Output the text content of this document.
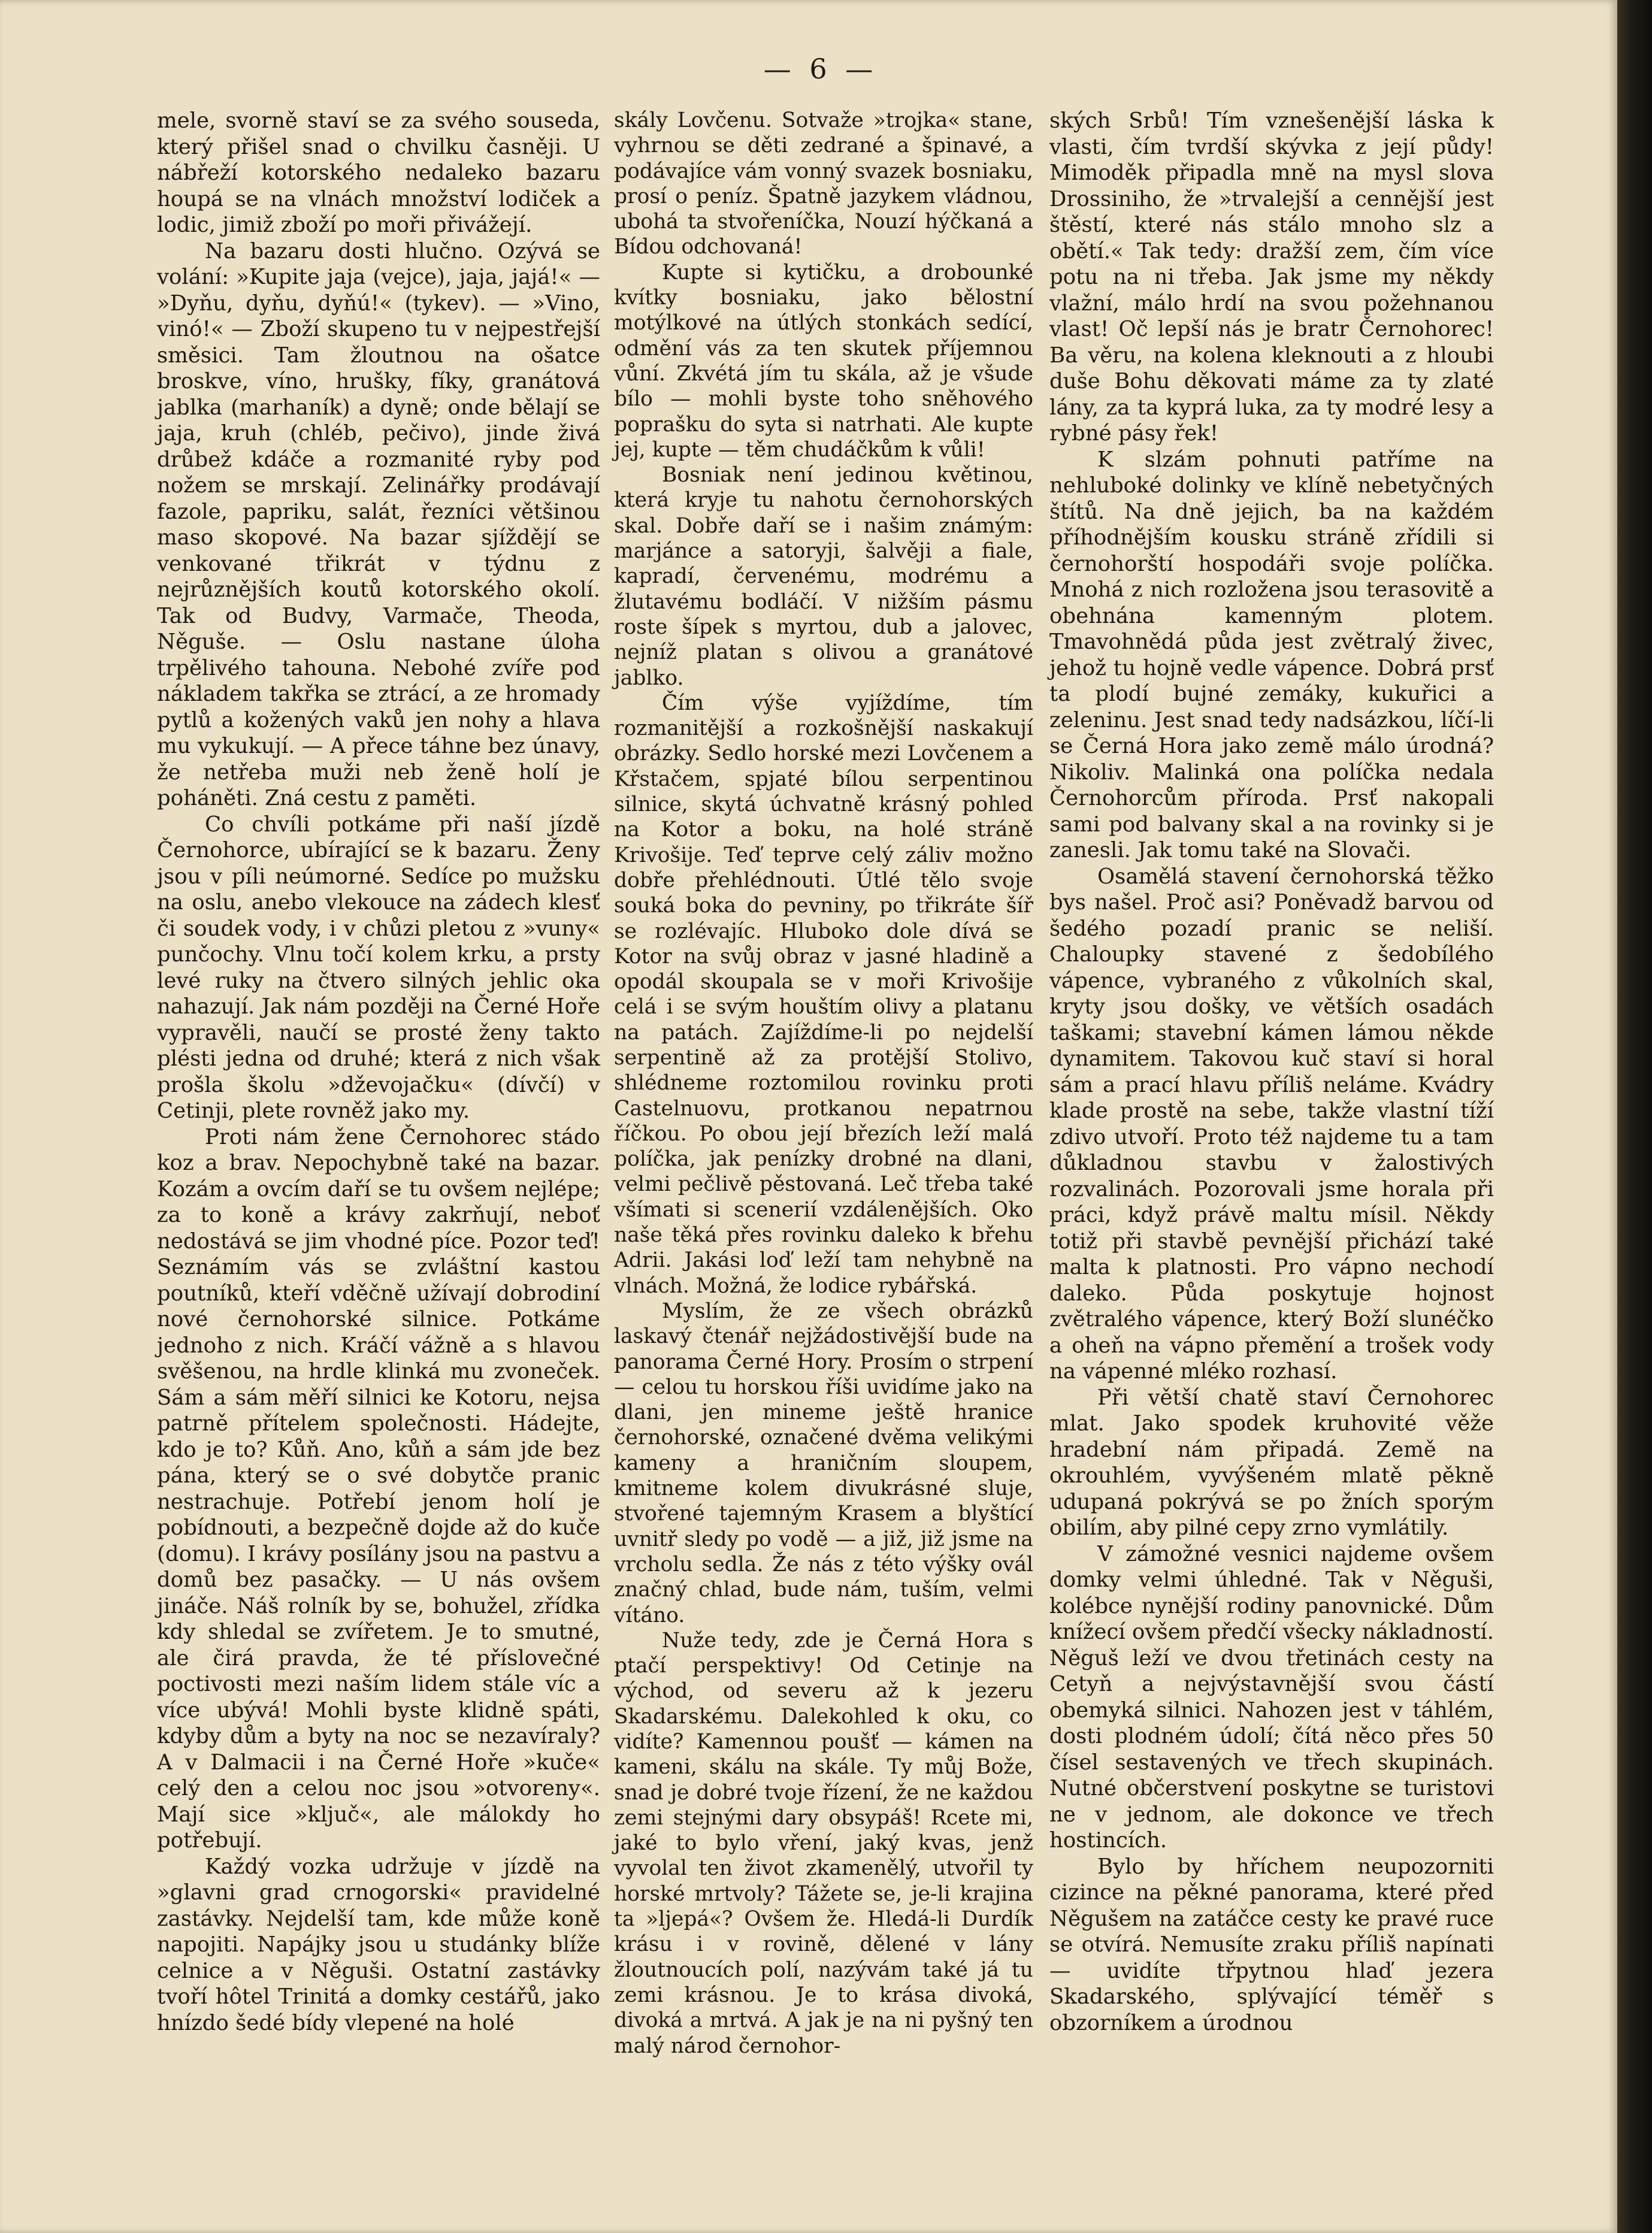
— 6 —

mele, svorně staví se za svého souseda, který přišel snad o chvilku časněji. U nábřeží kotorského nedaleko bazaru houpá se na vlnách množství lodiček a lodic, jimiž zboží po moři přivážejí.

Na bazaru dosti hlučno. Ozývá se volání: »Kupite jaja (vejce), jaja, jajá!« — »Dyňu, dyňu, dyňú!« (tykev). — »Vino, vinó!« — Zboží skupeno tu v nejpestřejší směsici. Tam žloutnou na ošatce broskve, víno, hrušky, fíky, granátová jablka (marhaník) a dyně; onde bělají se jaja, kruh (chléb, pečivo), jinde živá drůbež kdáče a rozmanité ryby pod nožem se mrskají. Zelinářky prodávají fazole, papriku, salát, řezníci většinou maso skopové. Na bazar sjíždějí se venkované třikrát v týdnu z nejrůznějších koutů kotorského okolí. Tak od Budvy, Varmače, Theoda, Něguše. — Oslu nastane úloha trpělivého tahouna. Nebohé zvíře pod nákladem takřka se ztrácí, a ze hromady pytlů a kožených vaků jen nohy a hlava mu vykukují. — A přece táhne bez únavy, že netřeba muži neb ženě holí je poháněti. Zná cestu z paměti.

Co chvíli potkáme při naší jízdě Černohorce, ubírající se k bazaru. Ženy jsou v píli neúmorné. Sedíce po mužsku na oslu, anebo vlekouce na zádech klesť či soudek vody, i v chůzi pletou z »vuny« punčochy. Vlnu točí kolem krku, a prsty levé ruky na čtvero silných jehlic oka nahazují. Jak nám později na Černé Hoře vypravěli, naučí se prosté ženy takto plésti jedna od druhé; která z nich však prošla školu »dževojačku« (dívčí) v Cetinji, plete rovněž jako my.

Proti nám žene Černohorec stádo koz a brav. Nepochybně také na bazar. Kozám a ovcím daří se tu ovšem nejlépe; za to koně a krávy zakrňují, neboť nedostává se jim vhodné píce. Pozor teď! Seznámím vás se zvláštní kastou poutníků, kteří vděčně užívají dobrodiní nové černohorské silnice. Potkáme jednoho z nich. Kráčí vážně a s hlavou svěšenou, na hrdle klinká mu zvoneček. Sám a sám měří silnici ke Kotoru, nejsa patrně přítelem společnosti. Hádejte, kdo je to? Kůň. Ano, kůň a sám jde bez pána, který se o své dobytče pranic nestrachuje. Potřebí jenom holí je pobídnouti, a bezpečně dojde až do kuče (domu). I krávy posílány jsou na pastvu a domů bez pasačky. — U nás ovšem jináče. Náš rolník by se, bohužel, zřídka kdy shledal se zvířetem. Je to smutné, ale čirá pravda, že té příslovečné poctivosti mezi naším lidem stále víc a více ubývá! Mohli byste klidně spáti, kdyby dům a byty na noc se nezavíraly? A v Dalmacii i na Černé Hoře »kuče« celý den a celou noc jsou »otvoreny«. Mají sice »ključ«, ale málokdy ho potřebují.

Každý vozka udržuje v jízdě na »glavni grad crnogorski« pravidelné zastávky. Nejdelší tam, kde může koně napojiti. Napájky jsou u studánky blíže celnice a v Něguši. Ostatní zastávky tvoří hôtel Trinitá a domky cestářů, jako hnízdo šedé bídy vlepené na holé

skály Lovčenu. Sotvaže »trojka« stane, vyhrnou se děti zedrané a špinavé, a podávajíce vám vonný svazek bosniaku, prosí o peníz. Špatně jazykem vládnou, ubohá ta stvořeníčka, Nouzí hýčkaná a Bídou odchovaná!

Kupte si kytičku, a drobounké kvítky bosniaku, jako bělostní motýlkové na útlých stonkách sedící, odmění vás za ten skutek příjemnou vůní. Zkvétá jím tu skála, až je všude bílo — mohli byste toho sněhového poprašku do syta si natrhati. Ale kupte jej, kupte — těm chudáčkům k vůli!

Bosniak není jedinou květinou, která kryje tu nahotu černohorských skal. Dobře daří se i našim známým: marjánce a satoryji, šalvěji a fiale, kapradí, červenému, modrému a žlutavému bodláčí. V nižším pásmu roste šípek s myrtou, dub a jalovec, nejníž platan s olivou a granátové jablko.

Čím výše vyjíždíme, tím rozmanitější a rozkošnější naskakují obrázky. Sedlo horské mezi Lovčenem a Křstačem, spjaté bílou serpentinou silnice, skytá úchvatně krásný pohled na Kotor a boku, na holé stráně Krivošije. Teď teprve celý záliv možno dobře přehlédnouti. Útlé tělo svoje souká boka do pevniny, po třikráte šíř se rozlévajíc. Hluboko dole dívá se Kotor na svůj obraz v jasné hladině a opodál skoupala se v moři Krivošije celá i se svým houštím olivy a platanu na patách. Zajíždíme-li po nejdelší serpentině až za protější Stolivo, shlédneme roztomilou rovinku proti Castelnuovu, protkanou nepatrnou říčkou. Po obou její březích leží malá políčka, jak penízky drobné na dlani, velmi pečlivě pěstovaná. Leč třeba také všímati si scenerií vzdálenějších. Oko naše těká přes rovinku daleko k břehu Adrii. Jakási loď leží tam nehybně na vlnách. Možná, že lodice rybářská.

Myslím, že ze všech obrázků laskavý čtenář nejžádostivější bude na panorama Černé Hory. Prosím o strpení — celou tu horskou říši uvidíme jako na dlani, jen mineme ještě hranice černohorské, označené dvěma velikými kameny a hraničním sloupem, kmitneme kolem divukrásné sluje, stvořené tajemným Krasem a blyštící uvnitř sledy po vodě — a již, již jsme na vrcholu sedla. Že nás z této výšky ovál značný chlad, bude nám, tuším, velmi vítáno.

Nuže tedy, zde je Černá Hora s ptačí perspektivy! Od Cetinje na východ, od severu až k jezeru Skadarskému. Dalekohled k oku, co vidíte? Kamennou poušť — kámen na kameni, skálu na skále. Ty můj Bože, snad je dobré tvoje řízení, že ne každou zemi stejnými dary obsypáš! Rcete mi, jaké to bylo vření, jaký kvas, jenž vyvolal ten život zkamenělý, utvořil ty horské mrtvoly? Tážete se, je-li krajina ta »ljepá«? Ovšem že. Hledá-li Durdík krásu i v rovině, dělené v lány žloutnoucích polí, nazývám také já tu zemi krásnou. Je to krása divoká, divoká a mrtvá. A jak je na ni pyšný ten malý národ černohor-

ských Srbů! Tím vznešenější láska k vlasti, čím tvrdší skývka z její půdy! Mimoděk připadla mně na mysl slova Drossiniho, že »trvalejší a cennější jest štěstí, které nás stálo mnoho slz a obětí.« Tak tedy: dražší zem, čím více potu na ni třeba. Jak jsme my někdy vlažní, málo hrdí na svou požehnanou vlast! Oč lepší nás je bratr Černohorec! Ba věru, na kolena kleknouti a z hloubi duše Bohu děkovati máme za ty zlaté lány, za ta kyprá luka, za ty modré lesy a rybné pásy řek!

K slzám pohnuti patříme na nehluboké dolinky ve klíně nebetyčných štítů. Na dně jejich, ba na každém příhodnějším kousku stráně zřídili si černohorští hospodáři svoje políčka. Mnohá z nich rozložena jsou terasovitě a obehnána kamenným plotem. Tmavohnědá půda jest zvětralý živec, jehož tu hojně vedle vápence. Dobrá prsť ta plodí bujné zemáky, kukuřici a zeleninu. Jest snad tedy nadsázkou, líčí-li se Černá Hora jako země málo úrodná? Nikoliv. Malinká ona políčka nedala Černohorcům příroda. Prsť nakopali sami pod balvany skal a na rovinky si je zanesli. Jak tomu také na Slovači.

Osamělá stavení černohorská těžko bys našel. Proč asi? Poněvadž barvou od šedého pozadí pranic se neliší. Chaloupky stavené z šedobílého vápence, vybraného z vůkolních skal, kryty jsou došky, ve větších osadách taškami; stavební kámen lámou někde dynamitem. Takovou kuč staví si horal sám a prací hlavu příliš neláme. Kvádry klade prostě na sebe, takže vlastní tíží zdivo utvoří. Proto též najdeme tu a tam důkladnou stavbu v žalostivých rozvalinách. Pozorovali jsme horala při práci, když právě maltu mísil. Někdy totiž při stavbě pevnější přichází také malta k platnosti. Pro vápno nechodí daleko. Půda poskytuje hojnost zvětralého vápence, který Boží slunéčko a oheň na vápno přemění a trošek vody na vápenné mléko rozhasí.

Při větší chatě staví Černohorec mlat. Jako spodek kruhovité věže hradební nám připadá. Země na okrouhlém, vyvýšeném mlatě pěkně udupaná pokrývá se po žních sporým obilím, aby pilné cepy zrno vymlátily.

V zámožné vesnici najdeme ovšem domky velmi úhledné. Tak v Něguši, kolébce nynější rodiny panovnické. Dům knížecí ovšem předčí všecky nákladností. Něguš leží ve dvou třetinách cesty na Cetyň a nejvýstavnější svou částí obemyká silnici. Nahozen jest v táhlém, dosti plodném údolí; čítá něco přes 50 čísel sestavených ve třech skupinách. Nutné občerstvení poskytne se turistovi ne v jednom, ale dokonce ve třech hostincích.

Bylo by hříchem neupozorniti cizince na pěkné panorama, které před Něgušem na zatáčce cesty ke pravé ruce se otvírá. Nemusíte zraku příliš napínati — uvidíte třpytnou hlaď jezera Skadarského, splývající téměř s obzorníkem a úrodnou
